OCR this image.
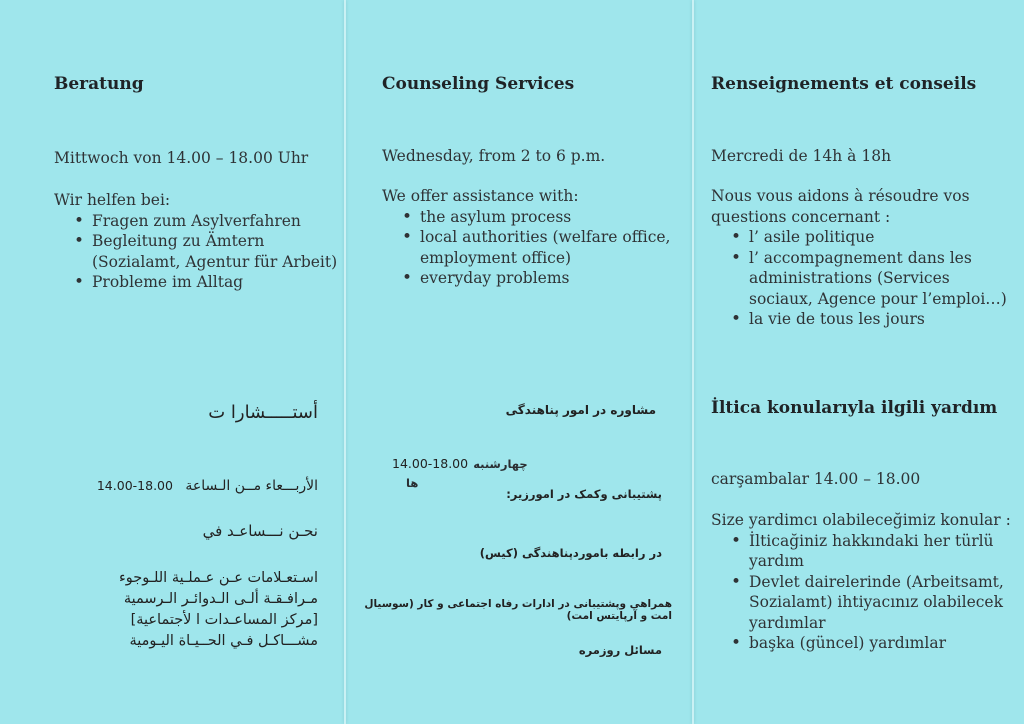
Beratung
Mittwoch von 14.00 – 18.00 Uhr
Wir helfen bei:
• Fragen zum Asylverfahren
• Begleitung zu Ämtern (Sozialamt, Agentur für Arbeit)
• Probleme im Alltag
أستـــــشارا ت
الأربـــعاء مــن الـساعة 18.00-14.00
نحـن نـــساعـد في
اسـتعـلامات عـن عـملـية اللـوجوء
مـرافـقـة ألـى الـدوائـر الـرسمية
[مركز المساعـدات ا لأجتماعية]
مشـــاكـل فـي الحــيـاة اليـومية
Counseling Services
Wednesday, from 2 to 6 p.m.
We offer assistance with:
• the asylum process
• local authorities (welfare office, employment office)
• everyday problems
مشاوره در امور پناهندگی
14.00-18.00 چهارشنبه ها
پشتیبانی وکمک در امورزیر:
در رابطه باموردپناهندگی (کیس)
همراهی وپشتیبانی در ادارات رفاه اجتماعی و کار (سوسیال امت و آرپایتس امت)
مسائل روزمره
Renseignements et conseils
Mercredi de 14h à 18h
Nous vous aidons à résoudre vos questions concernant :
• l’ asile politique
• l’ accompagnement dans les administrations (Services sociaux, Agence pour l’emploi…)
• la vie de tous les jours
İltica konularıyla ilgili yardım
carşambalar 14.00 – 18.00
Size yardimcı olabileceğimiz konular :
• İlticağiniz hakkındaki her türlü yardım
• Devlet dairelerinde (Arbeitsamt, Sozialamt) ihtiyacınız olabilecek yardımlar
• başka (güncel) yardımlar
